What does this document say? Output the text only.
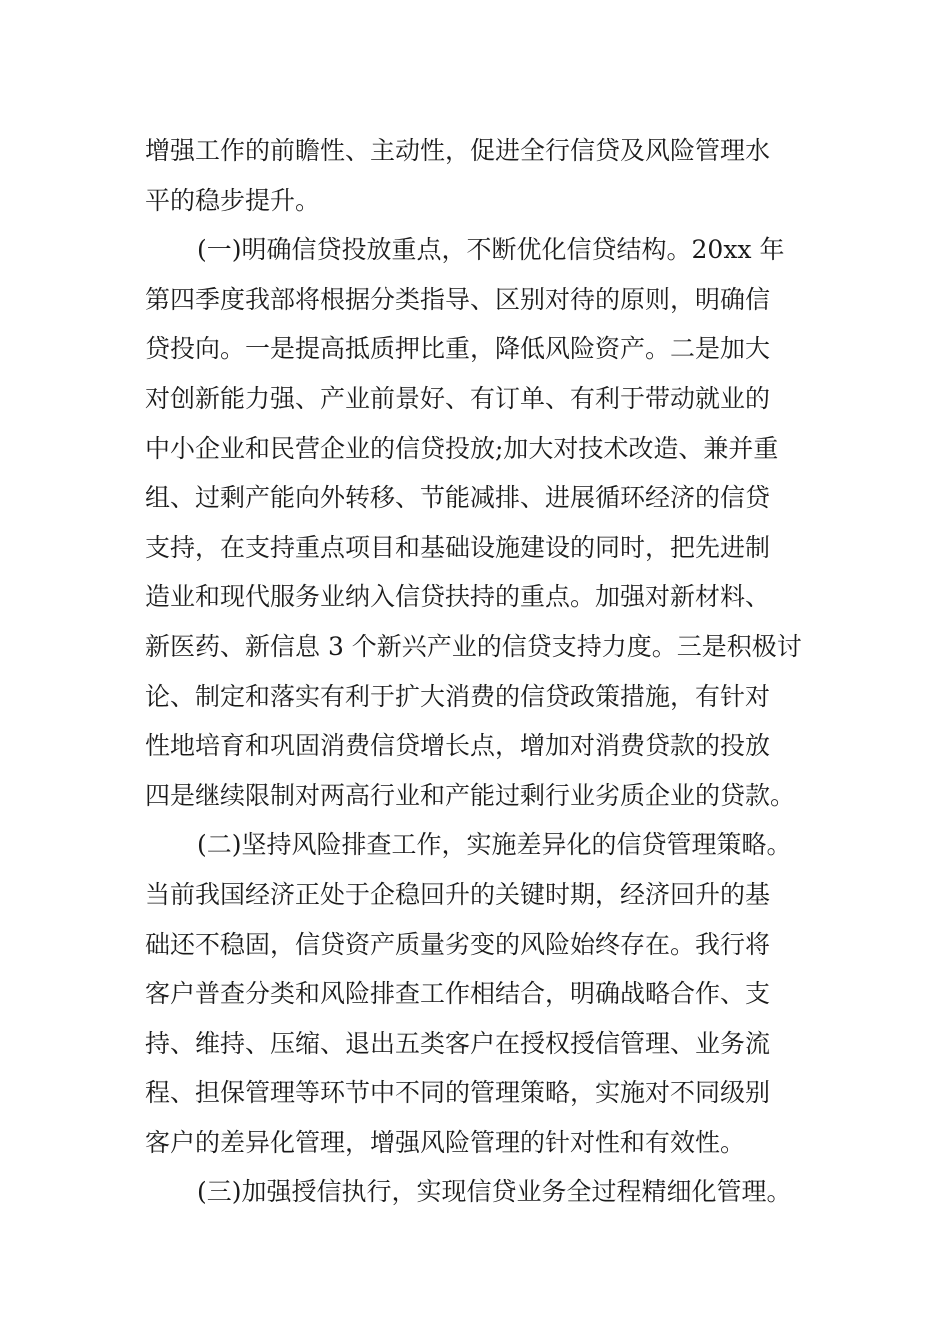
增强工作的前瞻性、主动性，促进全行信贷及风险管理水
平的稳步提升。
(一)明确信贷投放重点，不断优化信贷结构。20xx 年
第四季度我部将根据分类指导、区别对待的原则，明确信
贷投向。一是提高抵质押比重，降低风险资产。二是加大
对创新能力强、产业前景好、有订单、有利于带动就业的
中小企业和民营企业的信贷投放;加大对技术改造、兼并重
组、过剩产能向外转移、节能减排、进展循环经济的信贷
支持，在支持重点项目和基础设施建设的同时，把先进制
造业和现代服务业纳入信贷扶持的重点。加强对新材料、
新医药、新信息 3 个新兴产业的信贷支持力度。三是积极讨
论、制定和落实有利于扩大消费的信贷政策措施，有针对
性地培育和巩固消费信贷增长点，增加对消费贷款的投放
四是继续限制对两高行业和产能过剩行业劣质企业的贷款。
(二)坚持风险排查工作，实施差异化的信贷管理策略。
当前我国经济正处于企稳回升的关键时期，经济回升的基
础还不稳固，信贷资产质量劣变的风险始终存在。我行将
客户普查分类和风险排查工作相结合，明确战略合作、支
持、维持、压缩、退出五类客户在授权授信管理、业务流
程、担保管理等环节中不同的管理策略，实施对不同级别
客户的差异化管理，增强风险管理的针对性和有效性。
(三)加强授信执行，实现信贷业务全过程精细化管理。
